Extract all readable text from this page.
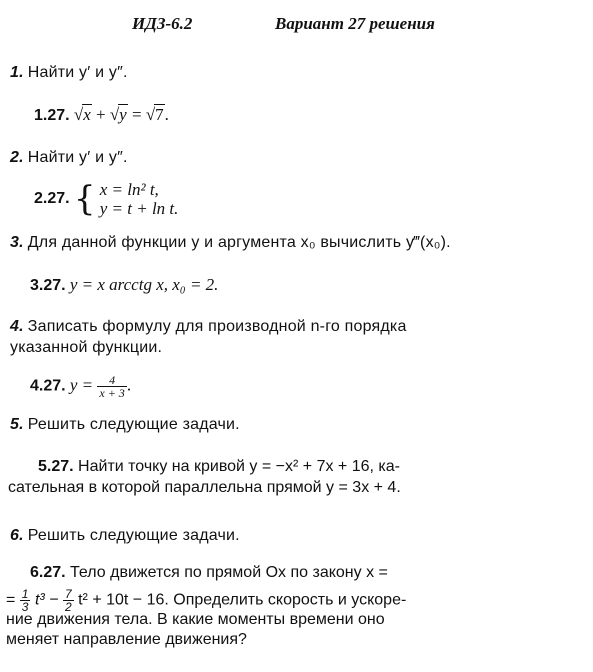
ИДЗ-6.2	Вариант 27 решения
1. Найти y′ и y″.
1.27. √x + √y = √7.
2. Найти y′ и y″.
2.27. { x = ln² t,
y = t + ln t.
3. Для данной функции y и аргумента x₀ вычислить y‴(x₀).
3.27. y = x arcctg x, x₀ = 2.
4. Записать формулу для производной n-го порядка
указанной функции.
4.27. $y = \frac{4}{x + 3}$ .
5. Решить следующие задачи.
5.27. Найти точку на кривой y = −x² + 7x + 16, ка-
сательная в которой параллельна прямой y = 3x + 4.
6. Решить следующие задачи.
6.27. Тело движется по прямой Ox по закону x =
= $\frac{1}{3} t^3 - \frac{7}{2} t^2 + 10t - 16$. Определить скорость и ускоре-
ние движения тела. В какие моменты времени оно
меняет направление движения?
